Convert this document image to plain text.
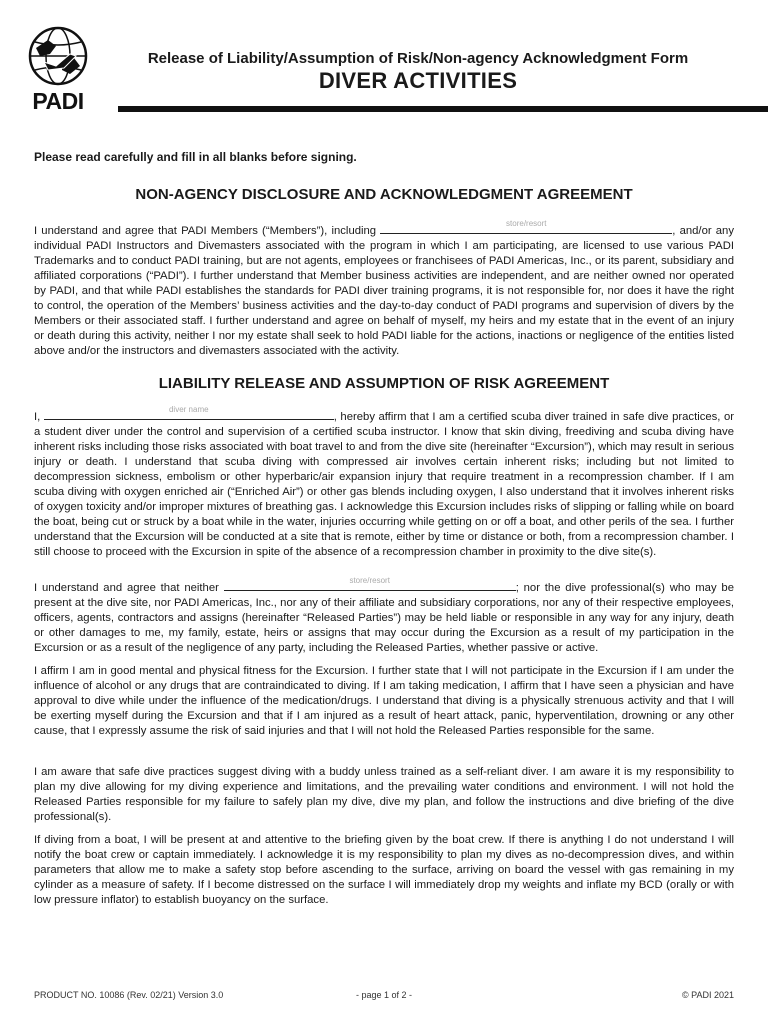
PADI
Release of Liability/Assumption of Risk/Non-agency Acknowledgment Form
DIVER ACTIVITIES
Please read carefully and fill in all blanks before signing.
NON-AGENCY DISCLOSURE AND ACKNOWLEDGMENT AGREEMENT

I understand and agree that PADI Members (“Members”), including
store/resort
, and/or any individual PADI Instructors and Divemasters associated with the program in which I am participating, are licensed to use various PADI Trademarks and to conduct PADI training, but are not agents, employees or franchisees of PADI Americas, Inc., or its parent, subsidiary and affiliated corporations (“PADI”). I further understand that Member business activities are independent, and are neither owned nor operated by PADI, and that while PADI establishes the standards for PADI diver training programs, it is not responsible for, nor does it have the right to control, the operation of the Members’ business activities and the day-to-day conduct of PADI programs and supervision of divers by the Members or their associated staff. I further understand and agree on behalf of myself, my heirs and my estate that in the event of an injury or death during this activity, neither I nor my estate shall seek to hold PADI liable for the actions, inactions or negligence of the entities listed above and/or the instructors and divemasters associated with the activity.

LIABILITY RELEASE AND ASSUMPTION OF RISK AGREEMENT

I,
diver name
, hereby affirm that I am a certified scuba diver trained in safe dive practices, or a student diver under the control and supervision of a certified scuba instructor. I know that skin diving, freediving and scuba diving have inherent risks including those risks associated with boat travel to and from the dive site (hereinafter “Excursion”), which may result in serious injury or death. I understand that scuba diving with compressed air involves certain inherent risks; including but not limited to decompression sickness, embolism or other hyperbaric/air expansion injury that require treatment in a recompression chamber. If I am scuba diving with oxygen enriched air (“Enriched Air”) or other gas blends including oxygen, I also understand that it involves inherent risks of oxygen toxicity and/or improper mixtures of breathing gas. I acknowledge this Excursion includes risks of slipping or falling while on board the boat, being cut or struck by a boat while in the water, injuries occurring while getting on or off a boat, and other perils of the sea. I further understand that the Excursion will be conducted at a site that is remote, either by time or distance or both, from a recompression chamber. I still choose to proceed with the Excursion in spite of the absence of a recompression chamber in proximity to the dive site(s).

I understand and agree that neither
store/resort
; nor the dive professional(s) who may be present at the dive site, nor PADI Americas, Inc., nor any of their affiliate and subsidiary corporations, nor any of their respective employees, officers, agents, contractors and assigns (hereinafter “Released Parties”) may be held liable or responsible in any way for any injury, death or other damages to me, my family, estate, heirs or assigns that may occur during the Excursion as a result of my participation in the Excursion or as a result of the negligence of any party, including the Released Parties, whether passive or active.

I affirm I am in good mental and physical fitness for the Excursion. I further state that I will not participate in the Excursion if I am under the influence of alcohol or any drugs that are contraindicated to diving. If I am taking medication, I affirm that I have seen a physician and have approval to dive while under the influence of the medication/drugs. I understand that diving is a physically strenuous activity and that I will be exerting myself during the Excursion and that if I am injured as a result of heart attack, panic, hyperventilation, drowning or any other cause, that I expressly assume the risk of said injuries and that I will not hold the Released Parties responsible for the same.

I am aware that safe dive practices suggest diving with a buddy unless trained as a self-reliant diver. I am aware it is my responsibility to plan my dive allowing for my diving experience and limitations, and the prevailing water conditions and environment. I will not hold the Released Parties responsible for my failure to safely plan my dive, dive my plan, and follow the instructions and dive briefing of the dive professional(s).

If diving from a boat, I will be present at and attentive to the briefing given by the boat crew. If there is anything I do not understand I will notify the boat crew or captain immediately. I acknowledge it is my responsibility to plan my dives as no-decompression dives, and within parameters that allow me to make a safety stop before ascending to the surface, arriving on board the vessel with gas remaining in my cylinder as a measure of safety. If I become distressed on the surface I will immediately drop my weights and inflate my BCD (orally or with low pressure inflator) to establish buoyancy on the surface.

PRODUCT NO. 10086 (Rev. 02/21) Version 3.0	- page 1 of 2 -	© PADI 2021
